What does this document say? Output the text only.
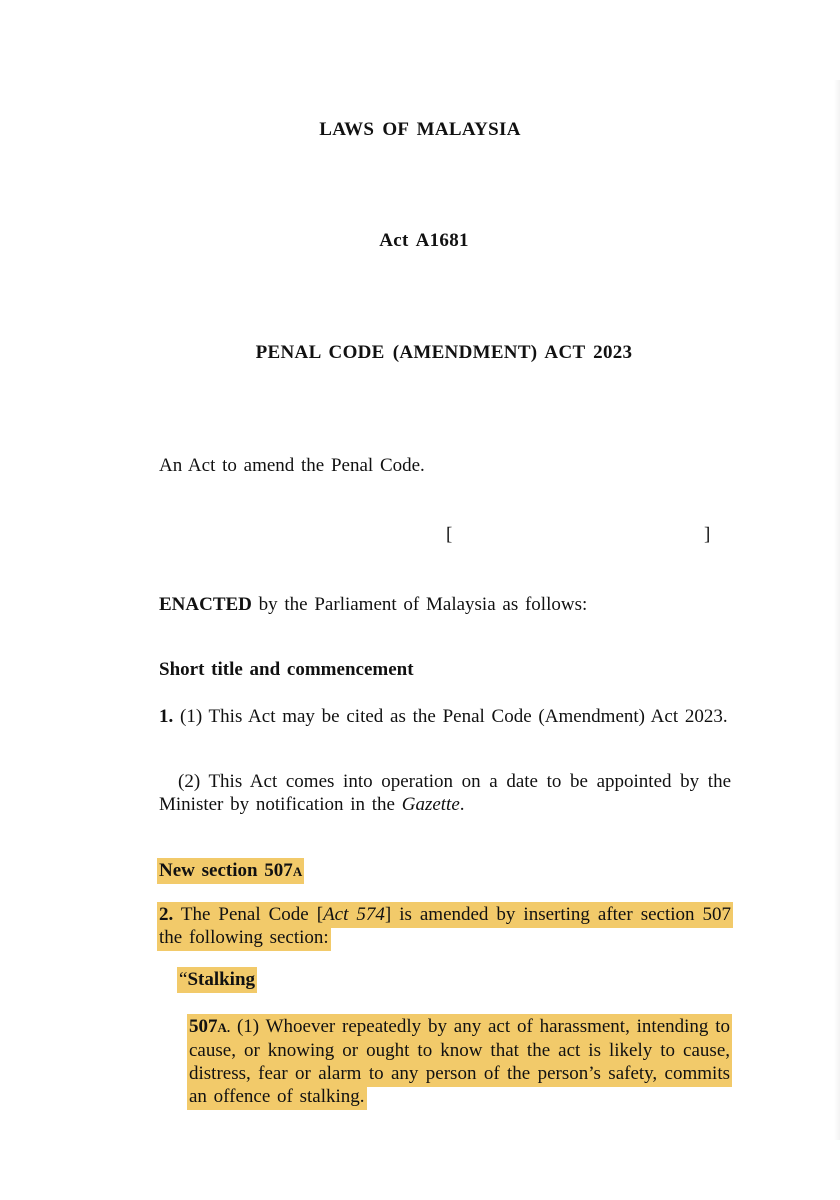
LAWS OF MALAYSIA
Act A1681
PENAL CODE (AMENDMENT) ACT 2023
An Act to amend the Penal Code.
[	]
ENACTED by the Parliament of Malaysia as follows:
Short title and commencement
1. (1) This Act may be cited as the Penal Code (Amendment) Act 2023.
(2) This Act comes into operation on a date to be appointed by the Minister by notification in the Gazette.
New section 507A
2. The Penal Code [Act 574] is amended by inserting after section 507 the following section:
“Stalking
507A. (1) Whoever repeatedly by any act of harassment, intending to cause, or knowing or ought to know that the act is likely to cause, distress, fear or alarm to any person of the person’s safety, commits an offence of stalking.
